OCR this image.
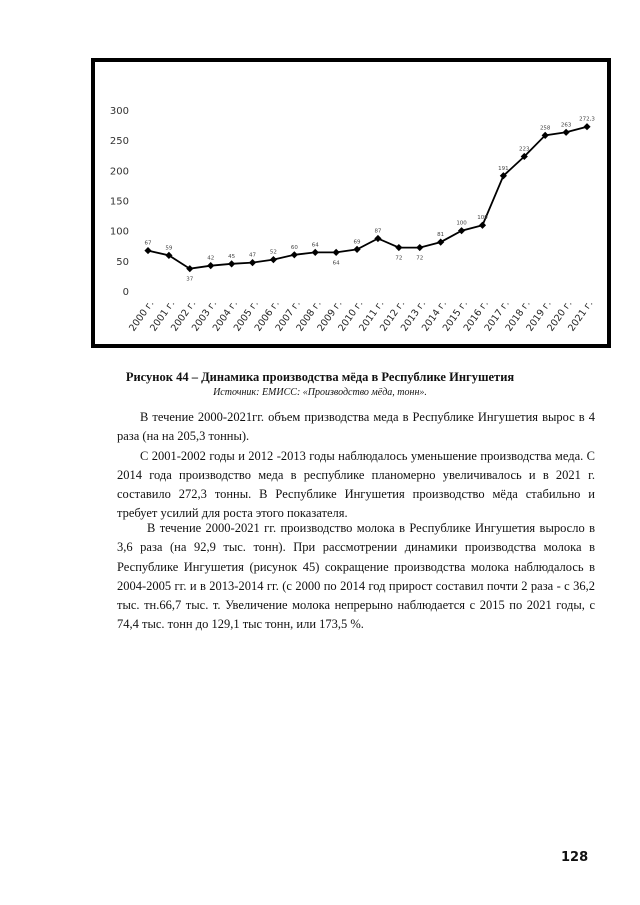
0
50
100
150
200
250
300
67
59
37
42	45	47
52
60	64
64
69
87
72	72
81
100
109
191
223
258
263
272,3
2000 г.
2001 г.
2002 г.
2003 г.
2004 г.
2005 г.
2006 г.
2007 г.
2008 г.
2009 г.
2010 г.
2011 г.
2012 г.
2013 г.
2014 г.
2015 г.
2016 г.
2017 г.
2018 г.
2019 г.
2020 г.
2021 г.
Рисунок 44 – Динамика производства мёда в Республике Ингушетия
Источник: ЕМИСС: «Производство мёда, тонн».

В течение 2000-2021гг. объем призводства меда в Республике Ингушетия вырос в 4 раза (на на 205,3 тонны).

С 2001-2002 годы и 2012 -2013 годы наблюдалось уменьшение производства меда. С 2014 года производство меда в республике планомерно увеличивалось и в 2021 г. составило 272,3 тонны. В Республике Ингушетия производство мёда стабильно и требует усилий для роста этого показателя.

В течение 2000-2021 гг. производство молока в Республике Ингушетия выросло в 3,6 раза (на 92,9 тыс. тонн). При рассмотрении динамики производства молока в Республике Ингушетия (рисунок 45) сокращение производства молока наблюдалось в 2004-2005 гг. и в 2013-2014 гг. (с 2000 по 2014 год прирост составил почти 2 раза - с 36,2 тыс. тн.66,7 тыс. т. Увеличение молока непрерыно наблюдается с 2015 по 2021 годы, с 74,4 тыс. тонн до 129,1 тыс тонн, или 173,5 %.

128
